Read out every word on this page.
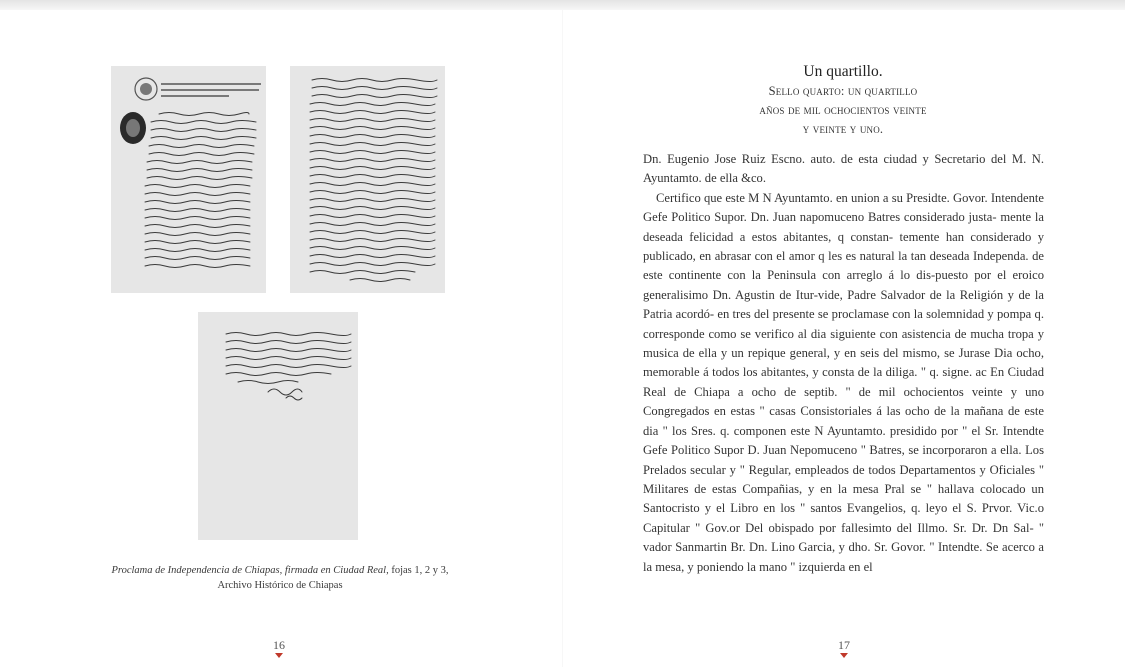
Proclama de Independencia de Chiapas, firmada en Ciudad Real, fojas 1, 2 y 3,
Archivo Histórico de Chiapas
16
Un quartillo.
Sello quarto: un quartillo
años de mil ochocientos veinte
y veinte y uno.

Dn. Eugenio Jose Ruiz Escno. auto. de esta ciudad y Secretario del M. N. Ayuntamto. de ella &co.

Certifico que este M N Ayuntamto. en union a su Presidte. Govor. Intendente Gefe Politico Supor. Dn. Juan napomuceno Batres considerado justa- mente la deseada felicidad a estos abitantes, q constan- temente han considerado y publicado, en abrasar con el amor q les es natural la tan deseada Independa. de este continente con la Peninsula con arreglo á lo dis-puesto por el eroico generalisimo Dn. Agustin de Itur-vide, Padre Salvador de la Religión y de la Patria acordó- en tres del presente se proclamase con la solemnidad y pompa q. corresponde como se verifico al dia siguiente con asistencia de mucha tropa y musica de ella y un repique general, y en seis del mismo, se Jurase Dia ocho, memorable á todos los abitantes, y consta de la diliga. " q. signe. ac En Ciudad Real de Chiapa a ocho de septib. " de mil ochocientos veinte y uno Congregados en estas " casas Consistoriales á las ocho de la mañana de este dia " los Sres. q. componen este N Ayuntamto. presidido por " el Sr. Intendte Gefe Politico Supor D. Juan Nepomuceno " Batres, se incorporaron a ella. Los Prelados secular y " Regular, empleados de todos Departamentos y Oficiales " Militares de estas Compañias, y en la mesa Pral se " hallava colocado un Santocristo y el Libro en los " santos Evangelios, q. leyo el S. Prvor. Vic.o Capitular " Gov.or Del obispado por fallesimto del Illmo. Sr. Dr. Dn Sal- " vador Sanmartin Br. Dn. Lino Garcia, y dho. Sr. Govor. " Intendte. Se acerco a la mesa, y poniendo la mano " izquierda en el

17
